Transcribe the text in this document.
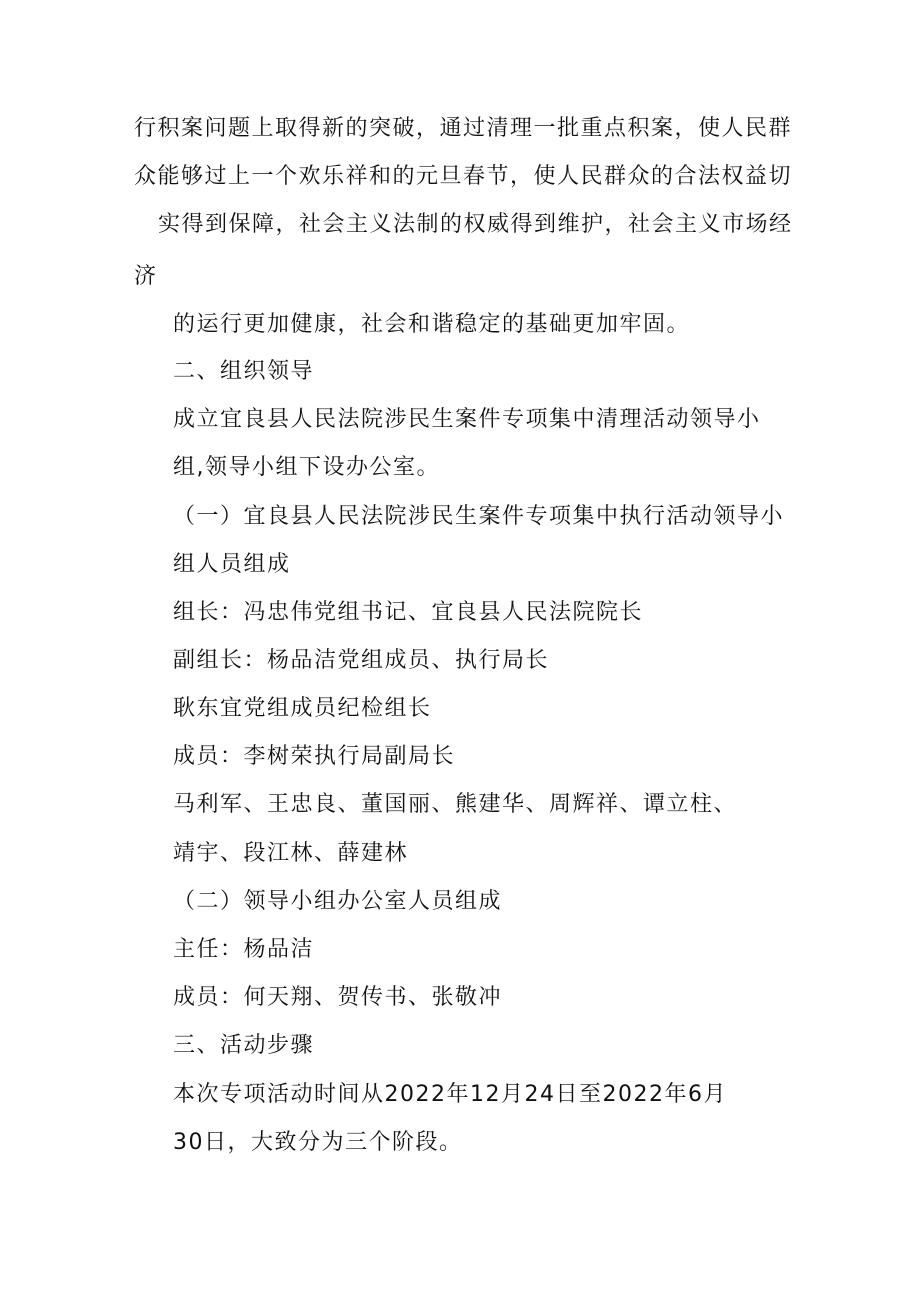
行积案问题上取得新的突破，通过清理一批重点积案，使人民群
众能够过上一个欢乐祥和的元旦春节，使人民群众的合法权益切
实得到保障，社会主义法制的权威得到维护，社会主义市场经
济
的运行更加健康，社会和谐稳定的基础更加牢固。
二、组织领导
成立宜良县人民法院涉民生案件专项集中清理活动领导小
组,领导小组下设办公室。
（一）宜良县人民法院涉民生案件专项集中执行活动领导小
组人员组成
组长：冯忠伟党组书记、宜良县人民法院院长
副组长：杨品洁党组成员、执行局长
耿东宜党组成员纪检组长
成员：李树荣执行局副局长
马利军、王忠良、董国丽、熊建华、周辉祥、谭立柱、
靖宇、段江林、薛建林
（二）领导小组办公室人员组成
主任：杨品洁
成员：何天翔、贺传书、张敬冲
三、活动步骤
本次专项活动时间从2022年12月24日至2022年6月
30日，大致分为三个阶段。
